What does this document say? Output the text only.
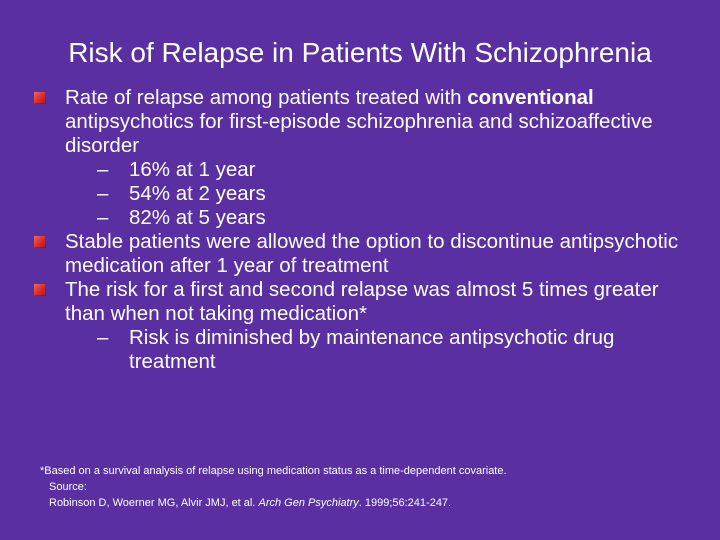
Risk of Relapse in Patients With Schizophrenia
Rate of relapse among patients treated with conventional antipsychotics for first-episode schizophrenia and schizoaffective disorder
–	16% at 1 year
–	54% at 2 years
–	82% at 5 years
Stable patients were allowed the option to discontinue antipsychotic medication after 1 year of treatment
The risk for a first and second relapse was almost 5 times greater than when not taking medication*
–	Risk is diminished by maintenance antipsychotic drug treatment

*Based on a survival analysis of relapse using medication status as a time-dependent covariate.

Source:

Robinson D, Woerner MG, Alvir JMJ, et al. Arch Gen Psychiatry. 1999;56:241-247.
